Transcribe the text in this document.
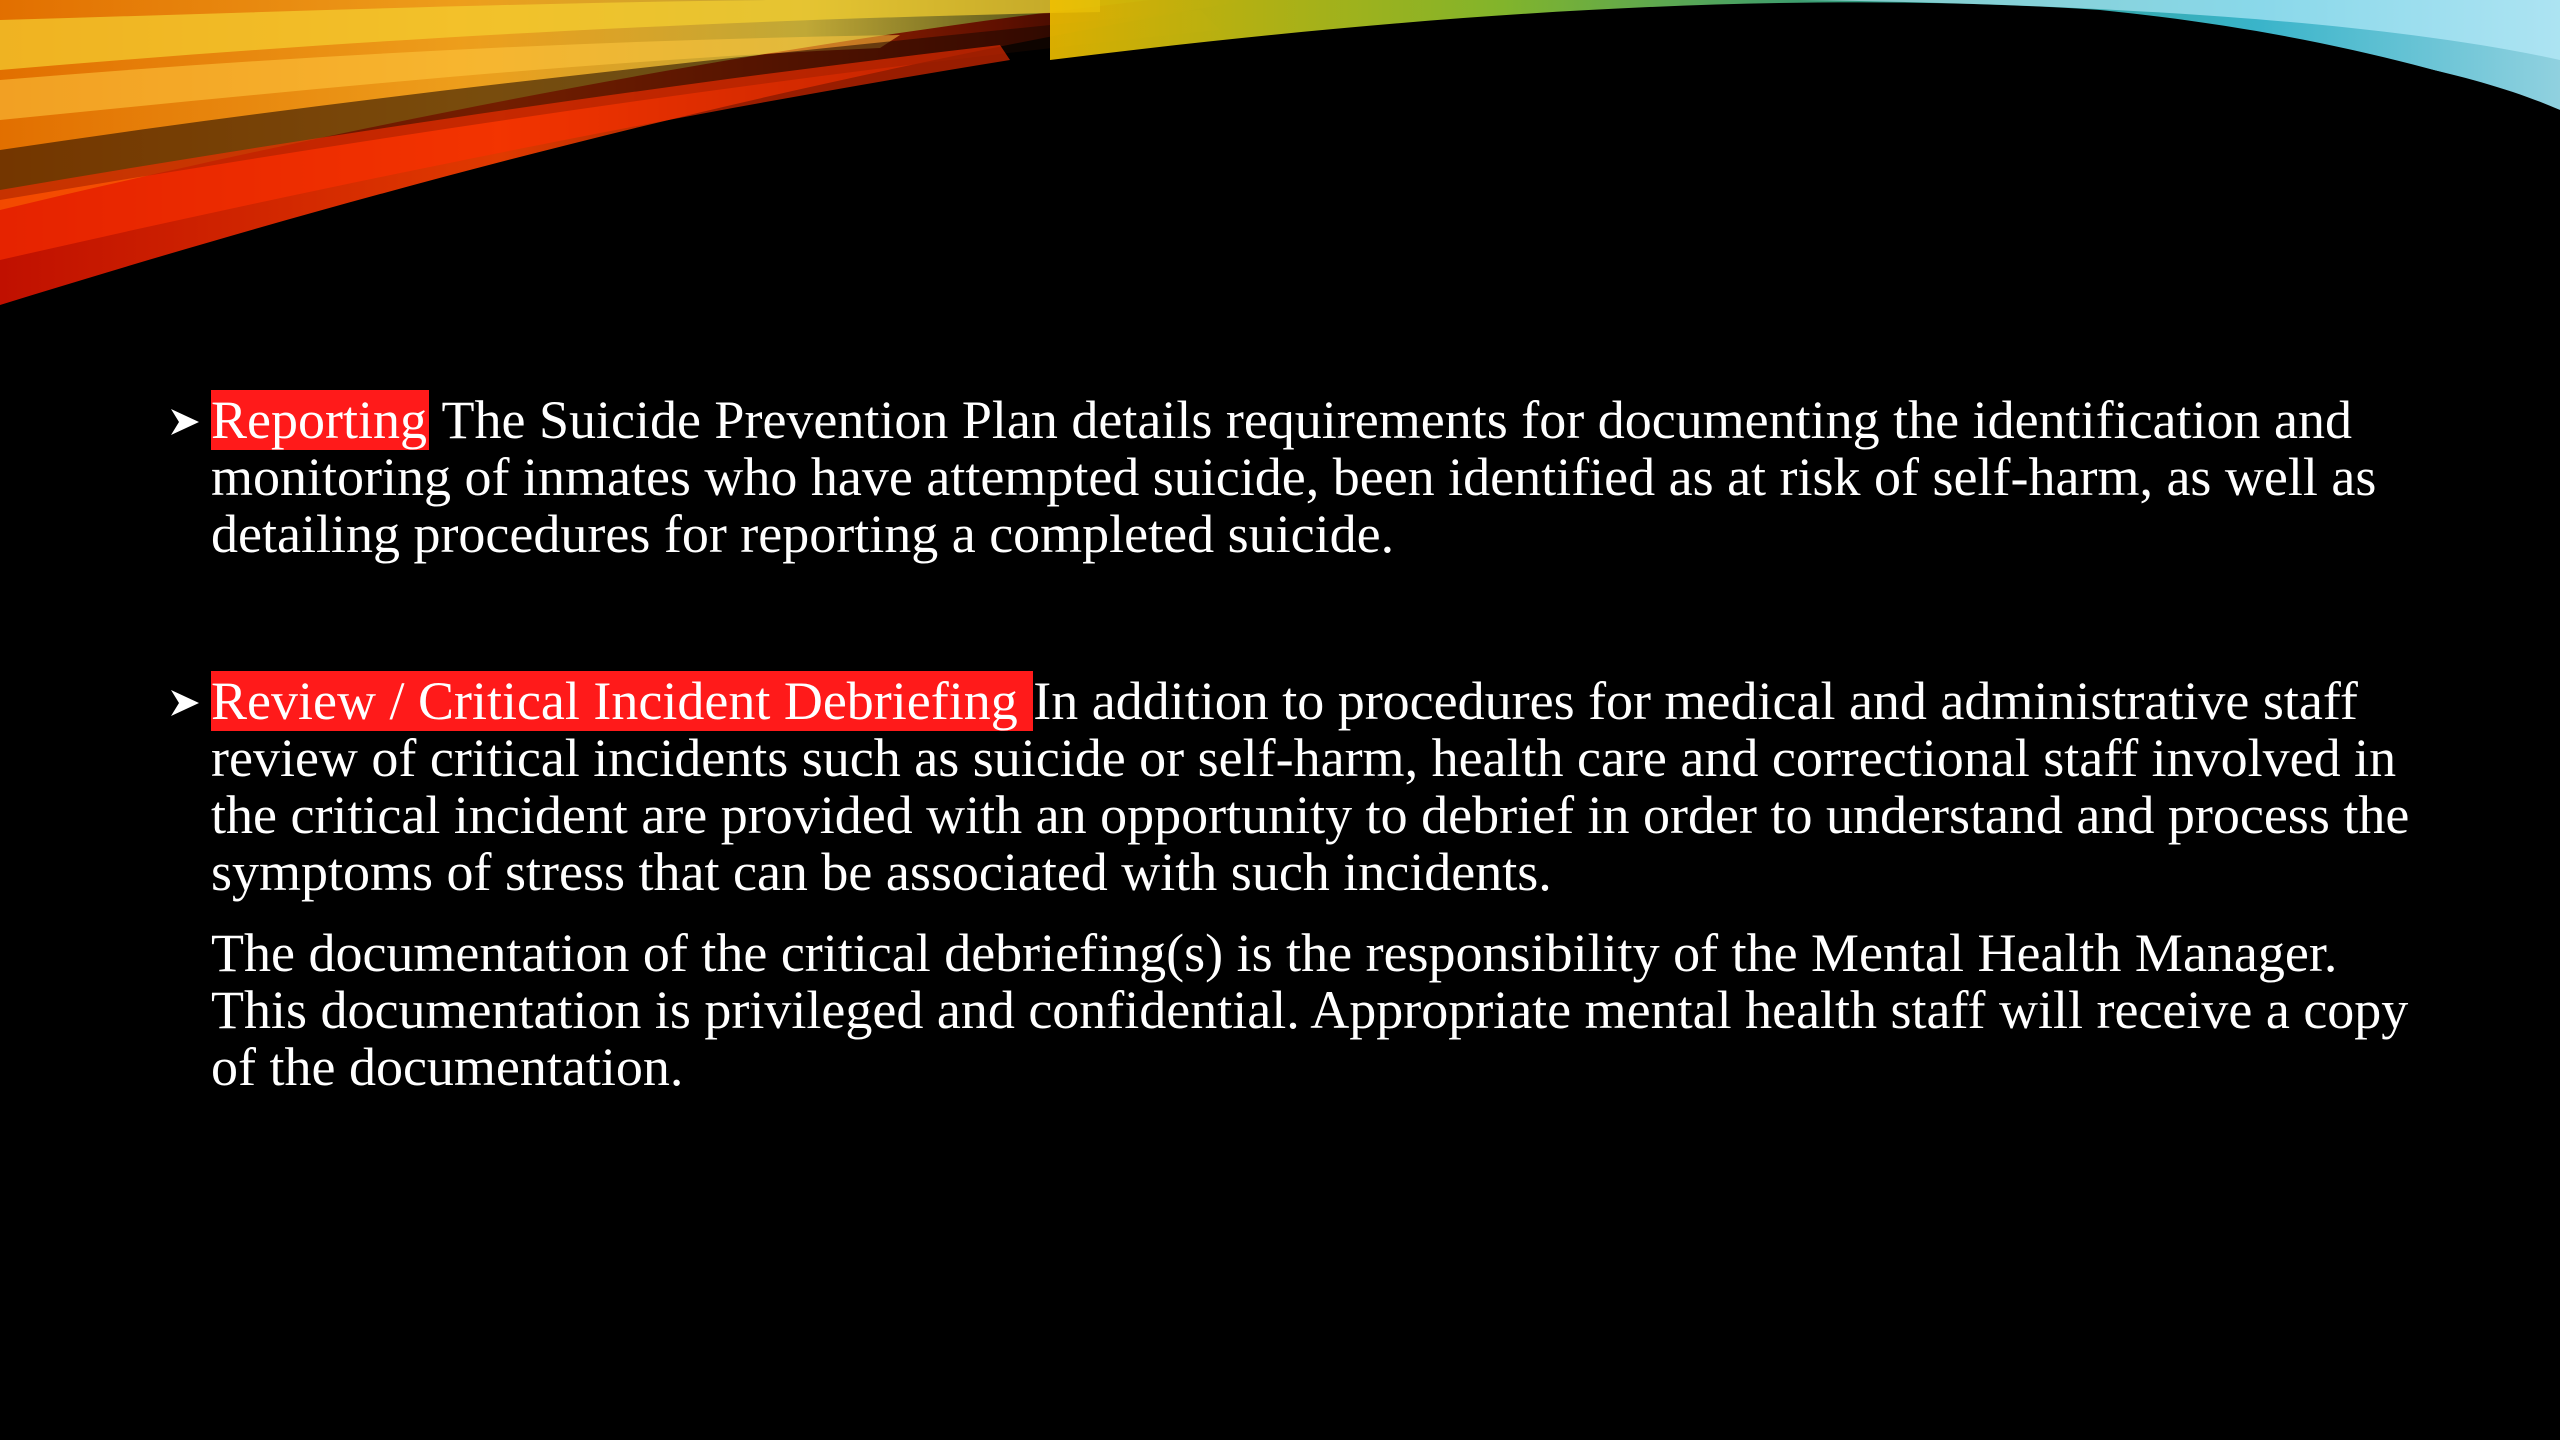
Reporting The Suicide Prevention Plan details requirements for documenting the identification and monitoring of inmates who have attempted suicide, been identified as at risk of self-harm, as well as detailing procedures for reporting a completed suicide.

Review / Critical Incident Debriefing In addition to procedures for medical and administrative staff review of critical incidents such as suicide or self-harm, health care and correctional staff involved in the critical incident are provided with an opportunity to debrief in order to understand and process the symptoms of stress that can be associated with such incidents.

The documentation of the critical debriefing(s) is the responsibility of the Mental Health Manager. This documentation is privileged and confidential. Appropriate mental health staff will receive a copy of the documentation.
